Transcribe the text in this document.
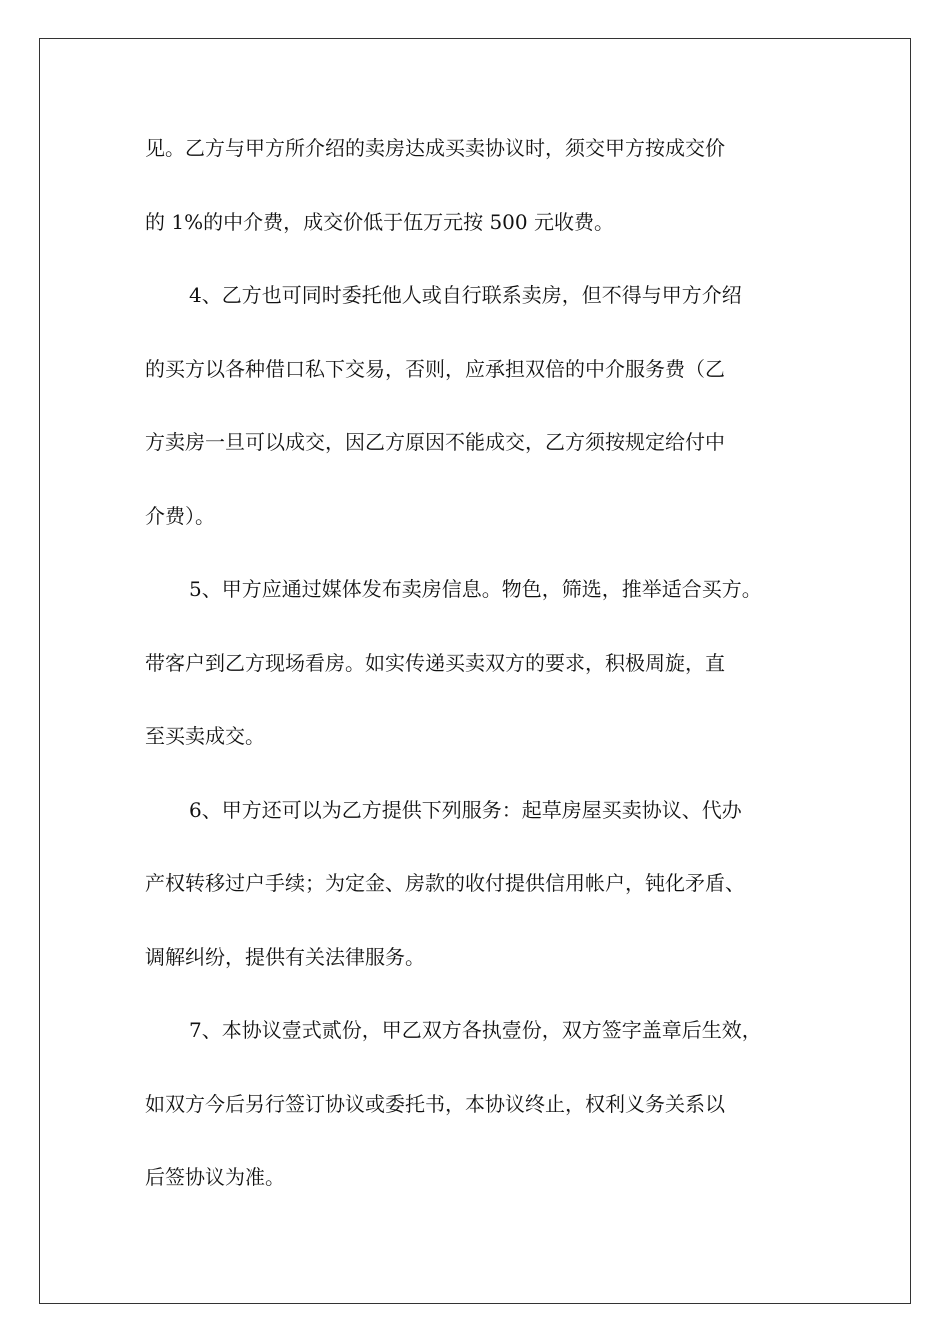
见。乙方与甲方所介绍的卖房达成买卖协议时，须交甲方按成交价
的 1%的中介费，成交价低于伍万元按 500 元收费。
4、乙方也可同时委托他人或自行联系卖房，但不得与甲方介绍
的买方以各种借口私下交易，否则，应承担双倍的中介服务费（乙
方卖房一旦可以成交，因乙方原因不能成交，乙方须按规定给付中
介费）。
5、甲方应通过媒体发布卖房信息。物色，筛选，推举适合买方。
带客户到乙方现场看房。如实传递买卖双方的要求，积极周旋，直
至买卖成交。
6、甲方还可以为乙方提供下列服务：起草房屋买卖协议、代办
产权转移过户手续；为定金、房款的收付提供信用帐户，钝化矛盾、
调解纠纷，提供有关法律服务。
7、本协议壹式贰份，甲乙双方各执壹份，双方签字盖章后生效，
如双方今后另行签订协议或委托书，本协议终止，权利义务关系以
后签协议为准。
